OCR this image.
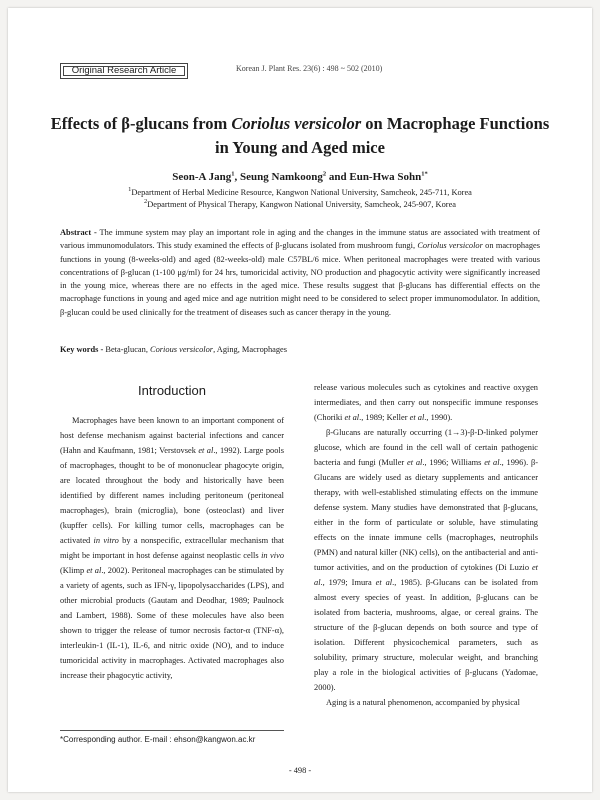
Original Research Article	Korean J. Plant Res. 23(6) : 498 ~ 502 (2010)
Effects of β-glucans from Coriolus versicolor on Macrophage Functions
in Young and Aged mice
Seon-A Jang$^1$, Seung Namkoong$^2$ and Eun-Hwa Sohn$^{1*}$
$^1$Department of Herbal Medicine Resource, Kangwon National University, Samcheok, 245-711, Korea
$^2$Department of Physical Therapy, Kangwon National University, Samcheok, 245-907, Korea
Abstract - The immune system may play an important role in aging and the changes in the immune status are associated with treatment of various immunomodulators. This study examined the effects of β-glucans isolated from mushroom fungi, Coriolus versicolor on macrophages functions in young (8-weeks-old) and aged (82-weeks-old) male C57BL/6 mice. When peritoneal macrophages were treated with various concentrations of β-glucan (1-100 μg/ml) for 24 hrs, tumoricidal activity, NO production and phagocytic activity were significantly increased in the young mice, whereas there are no effects in the aged mice. These results suggest that β-glucans has differential effects on the macrophage functions in young and aged mice and age nutrition might need to be considered to select proper immunomodulator. In addition, β-glucan could be used clinically for the treatment of diseases such as cancer therapy in the young.
Key words - Beta-glucan, Corious versicolor, Aging, Macrophages
Introduction

Macrophages have been known to an important component of host defense mechanism against bacterial infections and cancer (Hahn and Kaufmann, 1981; Verstovsek et al., 1992). Large pools of macrophages, thought to be of mononuclear phagocyte origin, are located throughout the body and historically have been identified by different names including peritoneum (peritoneal macrophages), brain (microglia), bone (osteoclast) and liver (kupffer cells). For killing tumor cells, macrophages can be activated in vitro by a nonspecific, extracellular mechanism that might be important in host defense against neoplastic cells in vivo (Klimp et al., 2002). Peritoneal macrophages can be stimulated by a variety of agents, such as IFN-γ, lipopolysaccharides (LPS), and other microbial products (Gautam and Deodhar, 1989; Paulnock and Lambert, 1988). Some of these molecules have also been shown to trigger the release of tumor necrosis factor-α (TNF-α), interleukin-1 (IL-1), IL-6, and nitric oxide (NO), and to induce tumoricidal activity in macrophages. Activated macrophages also increase their phagocytic activity,

release various molecules such as cytokines and reactive oxygen intermediates, and then carry out nonspecific immune responses (Choriki et al., 1989; Keller et al., 1990).

β-Glucans are naturally occurring (1→3)-β-D-linked polymer glucose, which are found in the cell wall of certain pathogenic bacteria and fungi (Muller et al., 1996; Williams et al., 1996). β-Glucans are widely used as dietary supplements and anticancer therapy, with well-established stimulating effects on the immune defense system. Many studies have demonstrated that β-glucans, either in the form of particulate or soluble, have stimulating effects on the innate immune cells (macrophages, neutrophils (PMN) and natural killer (NK) cells), on the antibacterial and anti-tumor activities, and on the production of cytokines (Di Luzio et al., 1979; Imura et al., 1985). β-Glucans can be isolated from almost every species of yeast. In addition, β-glucans can be isolated from bacteria, mushrooms, algae, or cereal grains. The structure of the β-glucan depends on both source and type of isolation. Different physicochemical parameters, such as solubility, primary structure, molecular weight, and branching play a role in the biological activities of β-glucans (Yadomae, 2000).

Aging is a natural phenomenon, accompanied by physical

*Corresponding author. E-mail : ehson@kangwon.ac.kr
- 498 -
